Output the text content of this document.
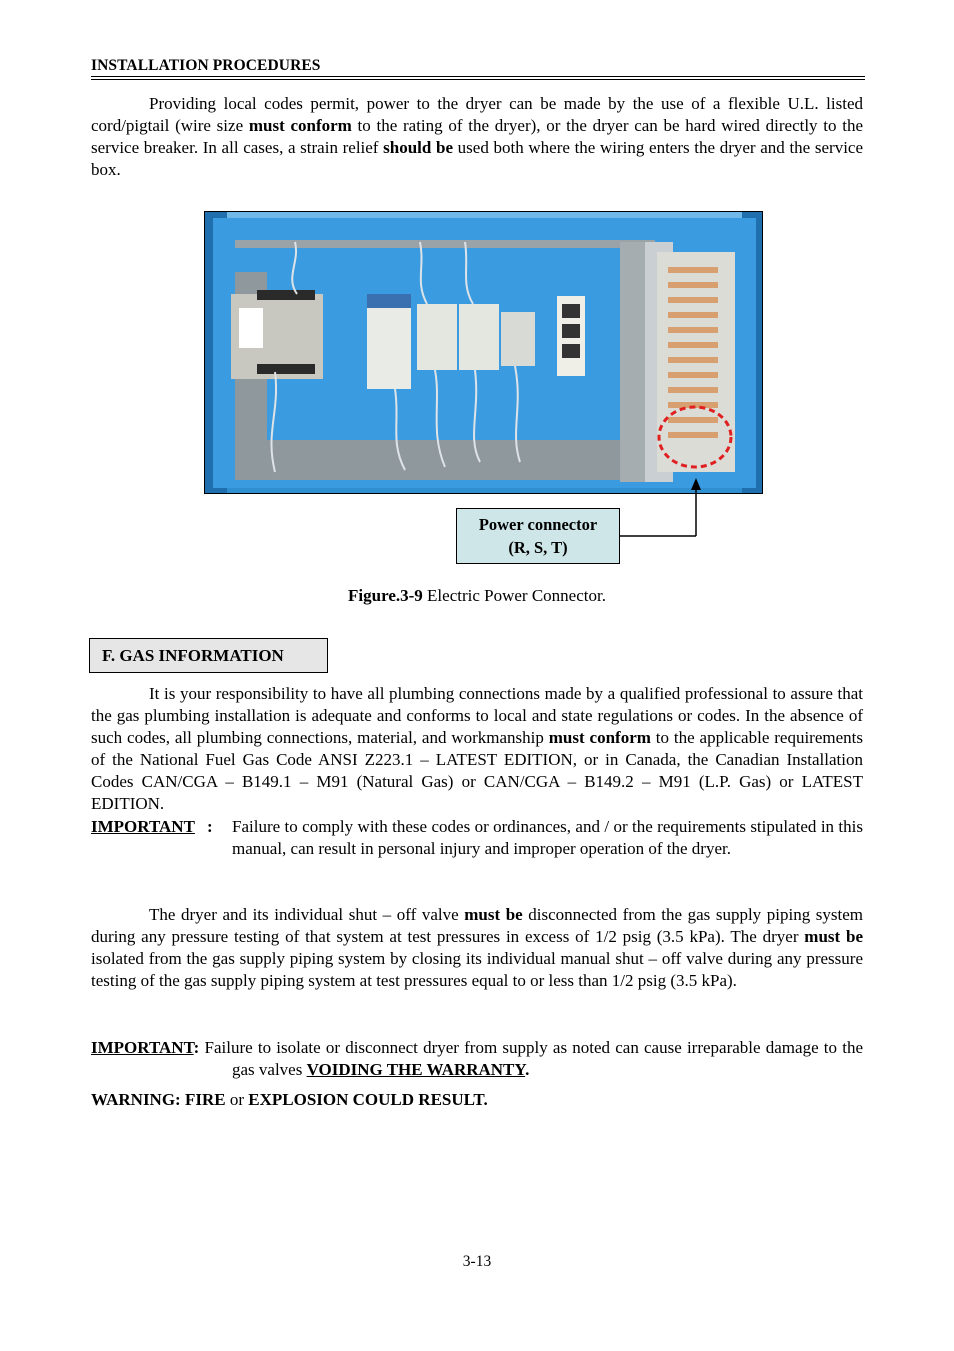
INSTALLATION PROCEDURES
Providing local codes permit, power to the dryer can be made by the use of a flexible U.L. listed cord/pigtail (wire size must conform to the rating of the dryer), or the dryer can be hard wired directly to the service breaker. In all cases, a strain relief should be used both where the wiring enters the dryer and the service box.
Power connector
(R, S, T)
Figure.3-9 Electric Power Connector.
F. GAS INFORMATION
It is your responsibility to have all plumbing connections made by a qualified professional to assure that the gas plumbing installation is adequate and conforms to local and state regulations or codes. In the absence of such codes, all plumbing connections, material, and workmanship must conform to the applicable requirements of the National Fuel Gas Code ANSI Z223.1 – LATEST EDITION, or in Canada, the Canadian Installation Codes CAN/CGA – B149.1 – M91 (Natural Gas) or CAN/CGA – B149.2 – M91 (L.P. Gas) or LATEST EDITION.
IMPORTANT : Failure to comply with these codes or ordinances, and / or the requirements stipulated in this manual, can result in personal injury and improper operation of the dryer.
The dryer and its individual shut – off valve must be disconnected from the gas supply piping system during any pressure testing of that system at test pressures in excess of 1/2 psig (3.5 kPa). The dryer must be isolated from the gas supply piping system by closing its individual manual shut – off valve during any pressure testing of the gas supply piping system at test pressures equal to or less than 1/2 psig (3.5 kPa).
IMPORTANT: Failure to isolate or disconnect dryer from supply as noted can cause irreparable damage to the gas valves VOIDING THE WARRANTY.
WARNING: FIRE or EXPLOSION COULD RESULT.
3-13
